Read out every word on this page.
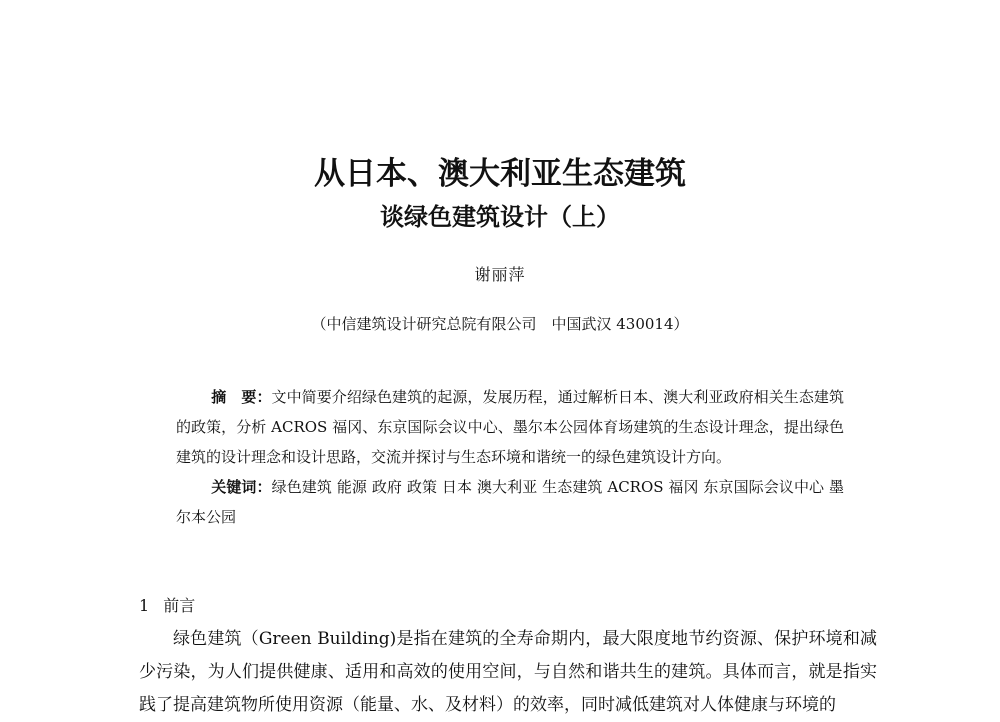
从日本、澳大利亚生态建筑
谈绿色建筑设计（上）
谢丽萍
（中信建筑设计研究总院有限公司　中国武汉 430014）

摘　要：文中简要介绍绿色建筑的起源，发展历程，通过解析日本、澳大利亚政府相关生态建筑的政策，分析 ACROS 福冈、东京国际会议中心、墨尔本公园体育场建筑的生态设计理念，提出绿色建筑的设计理念和设计思路，交流并探讨与生态环境和谐统一的绿色建筑设计方向。

关键词：绿色建筑 能源 政府 政策 日本 澳大利亚 生态建筑 ACROS 福冈 东京国际会议中心 墨尔本公园

1 前言

绿色建筑（Green Building)是指在建筑的全寿命期内，最大限度地节约资源、保护环境和减少污染，为人们提供健康、适用和高效的使用空间，与自然和谐共生的建筑。具体而言，就是指实践了提高建筑物所使用资源（能量、水、及材料）的效率，同时减低建筑对人体健康与环境的
